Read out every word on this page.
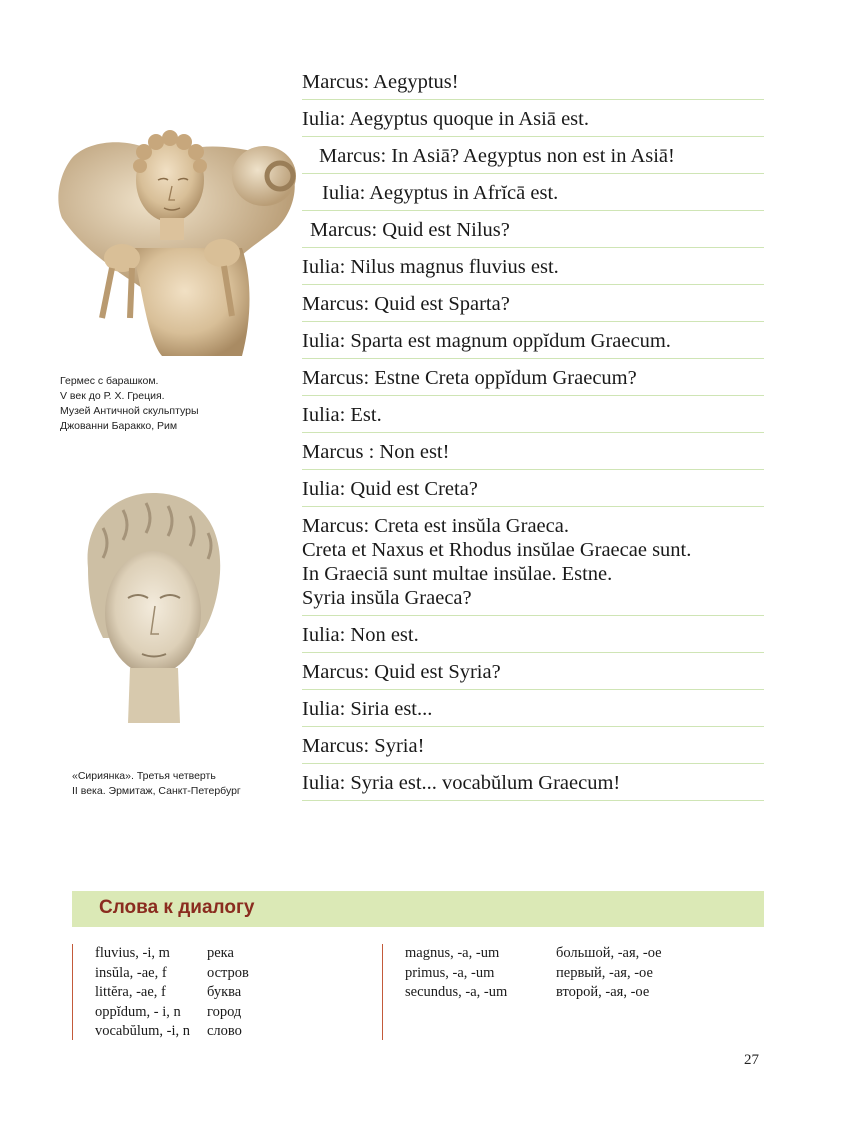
Гермес с барашком.
V век до Р. Х. Греция.
Музей Античной скульптуры
Джованни Баракко, Рим
«Сириянка». Третья четверть
II века. Эрмитаж, Санкт-Петербург
Marcus: Aegyptus!
Iulia: Aegyptus quoque in Asiā est.
Marcus: In Asiā? Aegyptus non est in Asiā!
Iulia: Aegyptus in Afrĭcā est.
Marcus: Quid est Nilus?
Iulia: Nilus magnus fluvius est.
Marcus: Quid est Sparta?
Iulia: Sparta est magnum oppĭdum Graecum.
Marcus: Estne Creta oppĭdum Graecum?
Iulia: Est.
Marcus : Non est!
Iulia: Quid est Creta?
Marcus: Creta est insŭla Graeca.
Creta et Naxus et Rhodus insŭlae Graecae sunt.
In Graeciā sunt multae insŭlae. Estne.
Syria insŭla Graeca?
Iulia: Non est.
Marcus: Quid est Syria?
Iulia: Siria est...
Marcus: Syria!
Iulia: Syria est... vocabŭlum Graecum!
Слова к диалогу
fluvius, -i, m	река
insŭla, -ae, f	остров
littĕra, -ae, f	буква
oppĭdum, - i, n	город
vocabŭlum, -i, n	слово
magnus, -a, -um	большой, -ая, -ое
primus, -a, -um	первый, -ая, -ое
secundus, -a, -um	второй, -ая, -ое
27
